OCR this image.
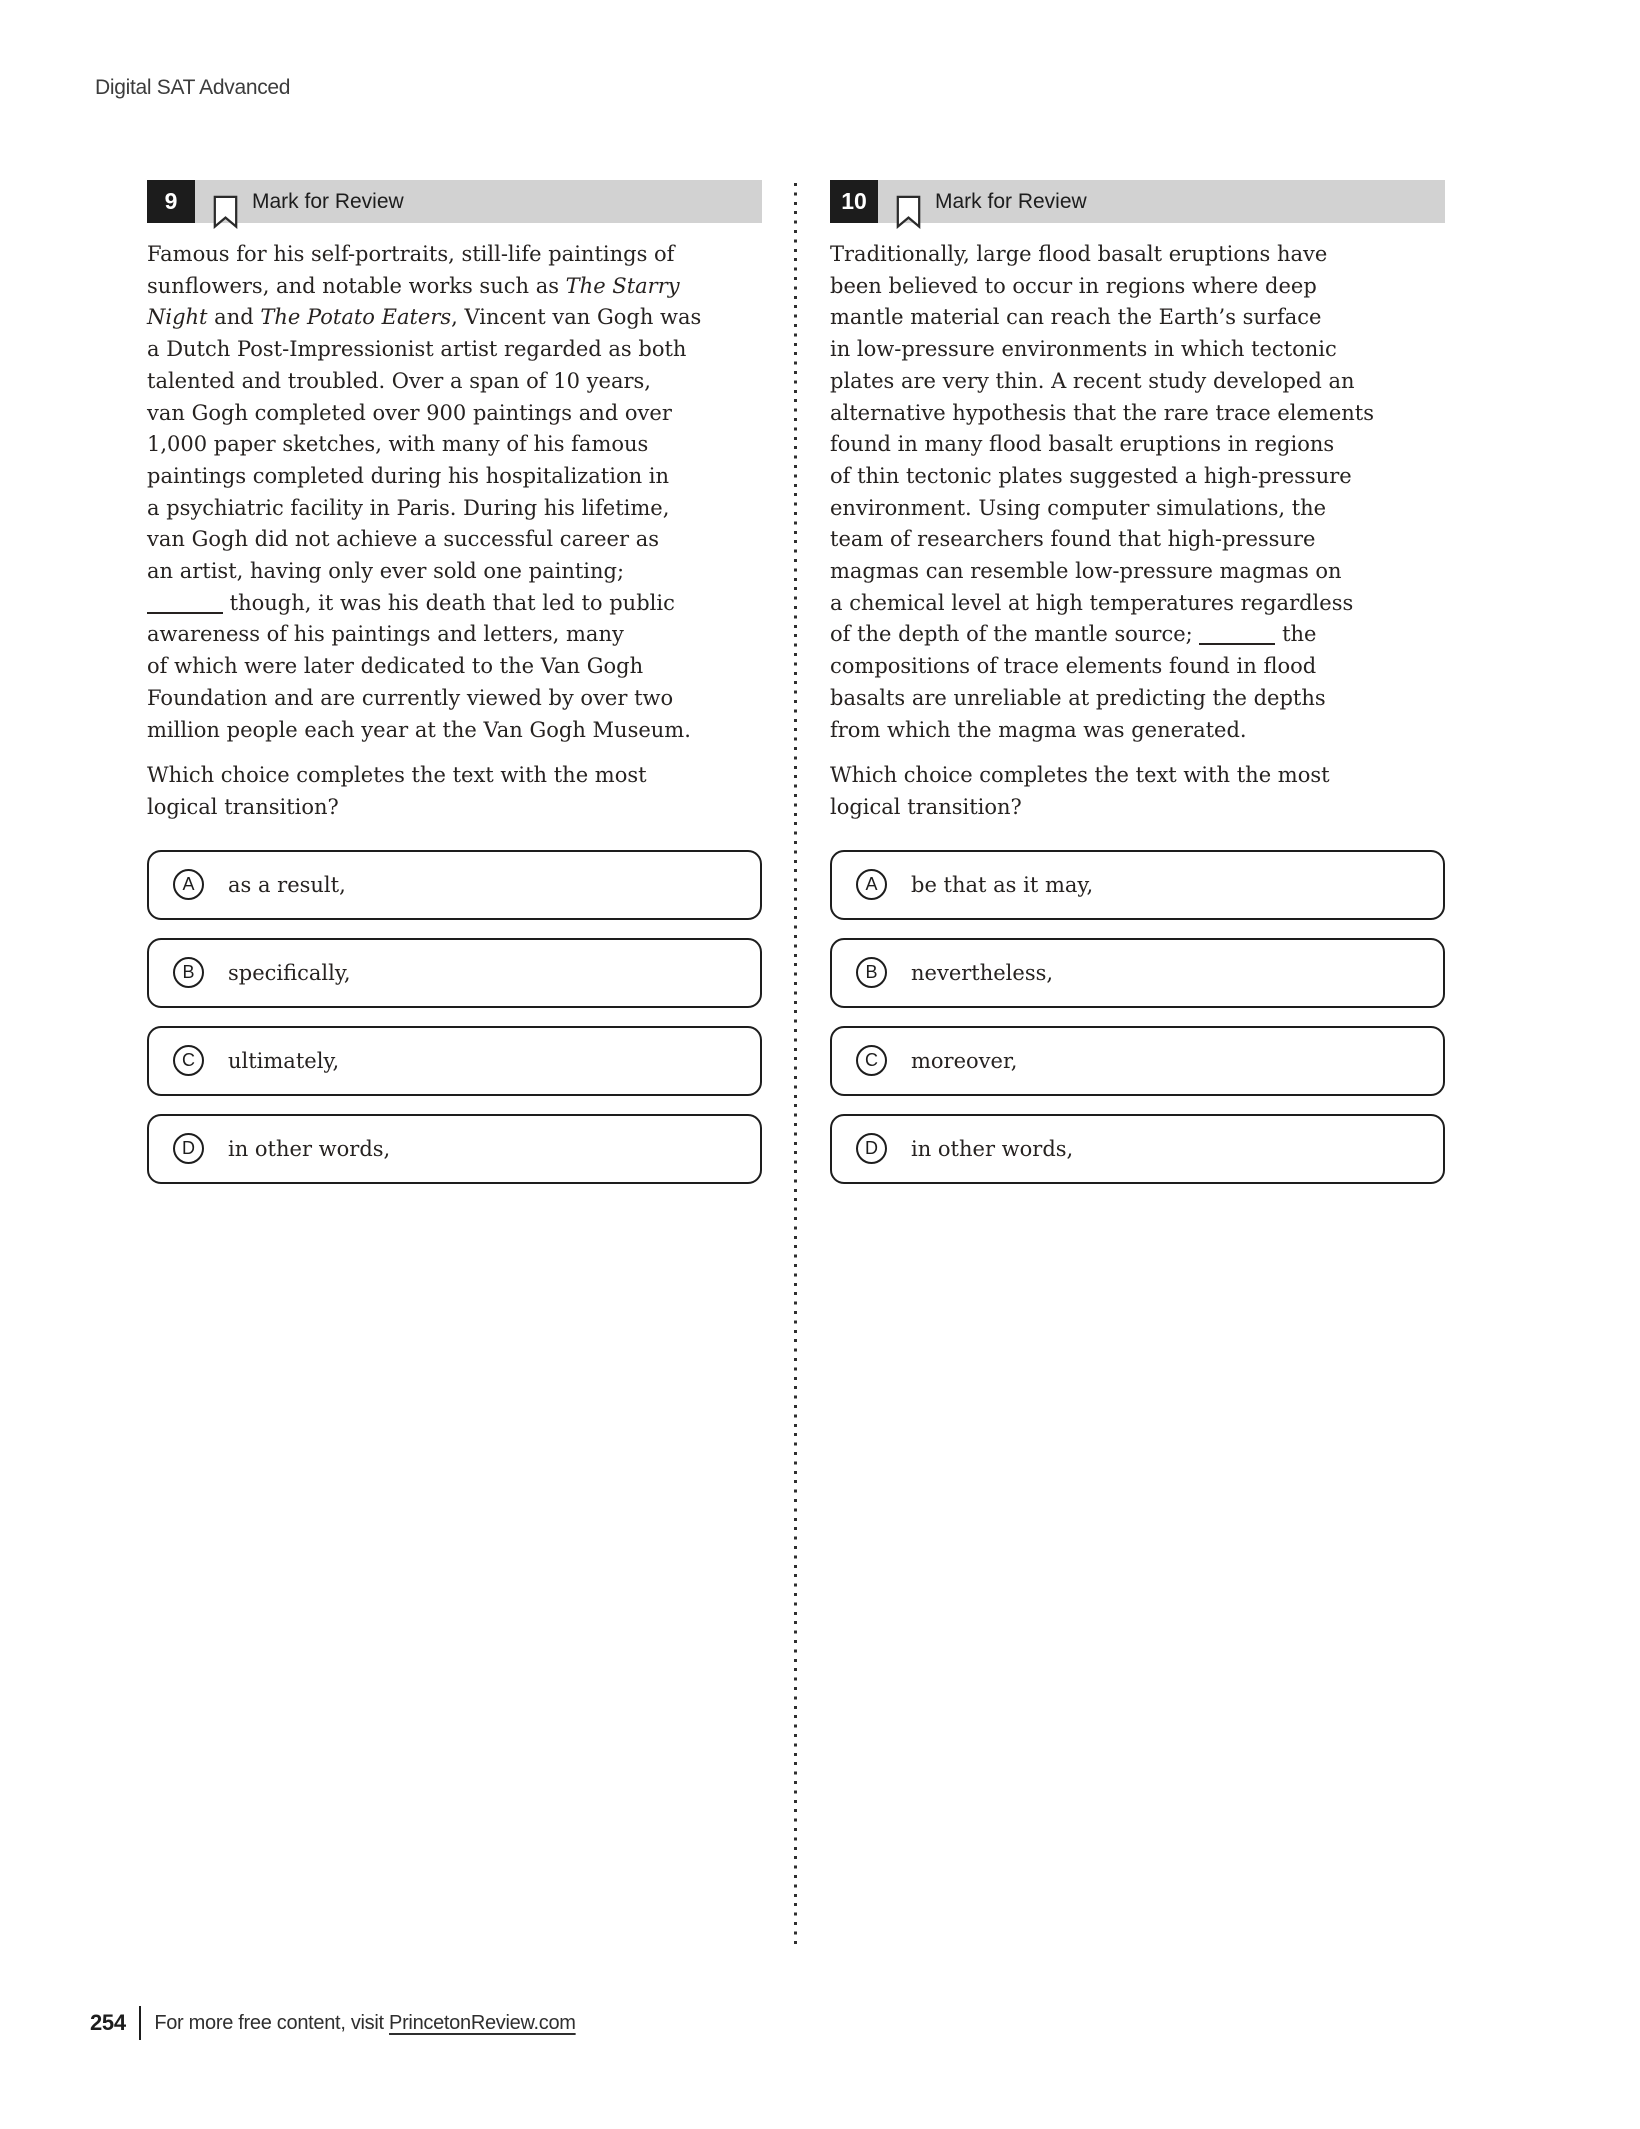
Digital SAT Advanced
9	Mark for Review
Famous for his self-portraits, still-life paintings of
sunflowers, and notable works such as The Starry
Night and The Potato Eaters, Vincent van Gogh was
a Dutch Post-Impressionist artist regarded as both
talented and troubled. Over a span of 10 years,
van Gogh completed over 900 paintings and over
1,000 paper sketches, with many of his famous
paintings completed during his hospitalization in
a psychiatric facility in Paris. During his lifetime,
van Gogh did not achieve a successful career as
an artist, having only ever sold one painting;
though, it was his death that led to public
awareness of his paintings and letters, many
of which were later dedicated to the Van Gogh
Foundation and are currently viewed by over two
million people each year at the Van Gogh Museum.
Which choice completes the text with the most
logical transition?
A	as a result,
B	specifically,
C	ultimately,
D	in other words,
10	Mark for Review
Traditionally, large flood basalt eruptions have
been believed to occur in regions where deep
mantle material can reach the Earth’s surface
in low-pressure environments in which tectonic
plates are very thin. A recent study developed an
alternative hypothesis that the rare trace elements
found in many flood basalt eruptions in regions
of thin tectonic plates suggested a high-pressure
environment. Using computer simulations, the
team of researchers found that high-pressure
magmas can resemble low-pressure magmas on
a chemical level at high temperatures regardless
of the depth of the mantle source;	the
compositions of trace elements found in flood
basalts are unreliable at predicting the depths
from which the magma was generated.
Which choice completes the text with the most
logical transition?
A	be that as it may,
B	nevertheless,
C	moreover,
D	in other words,
254 For more free content, visit PrincetonReview.com
